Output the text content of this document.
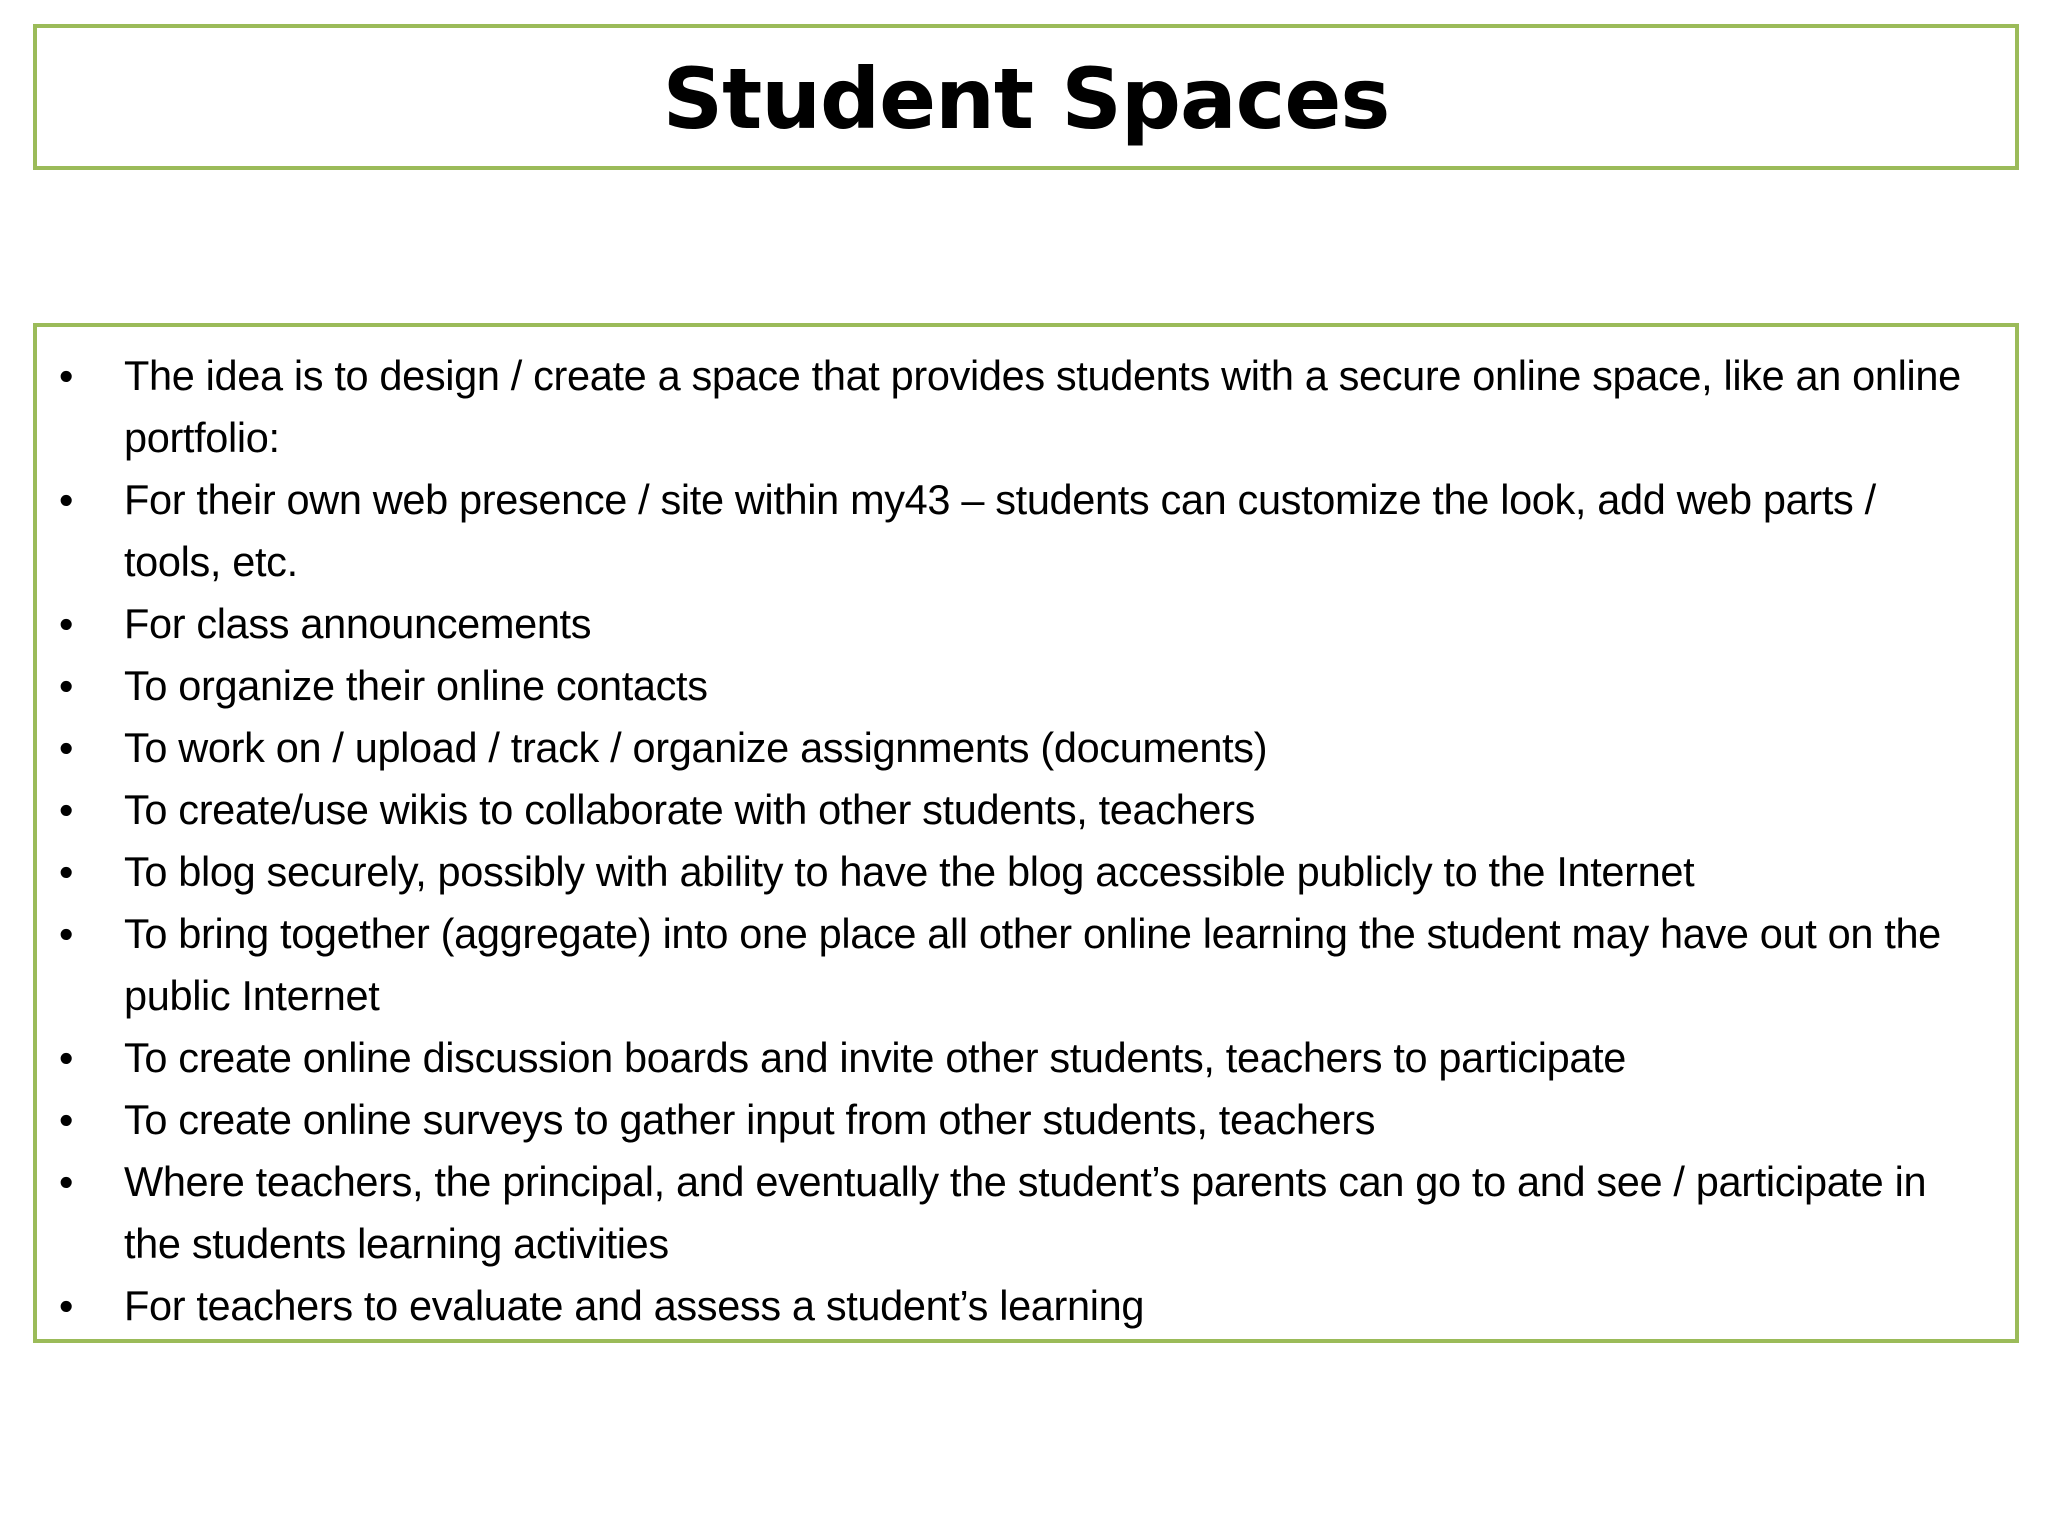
Student Spaces
• The idea is to design / create a space that provides students with a secure online space, like an online portfolio:
• For their own web presence / site within my43 – students can customize the look, add web parts / tools, etc.
• For class announcements
• To organize their online contacts
• To work on / upload / track / organize assignments (documents)
• To create/use wikis to collaborate with other students, teachers
• To blog securely, possibly with ability to have the blog accessible publicly to the Internet
• To bring together (aggregate) into one place all other online learning the student may have out on the public Internet
• To create online discussion boards and invite other students, teachers to participate
• To create online surveys to gather input from other students, teachers
• Where teachers, the principal, and eventually the student’s parents can go to and see / participate in the students learning activities
• For teachers to evaluate and assess a student’s learning
